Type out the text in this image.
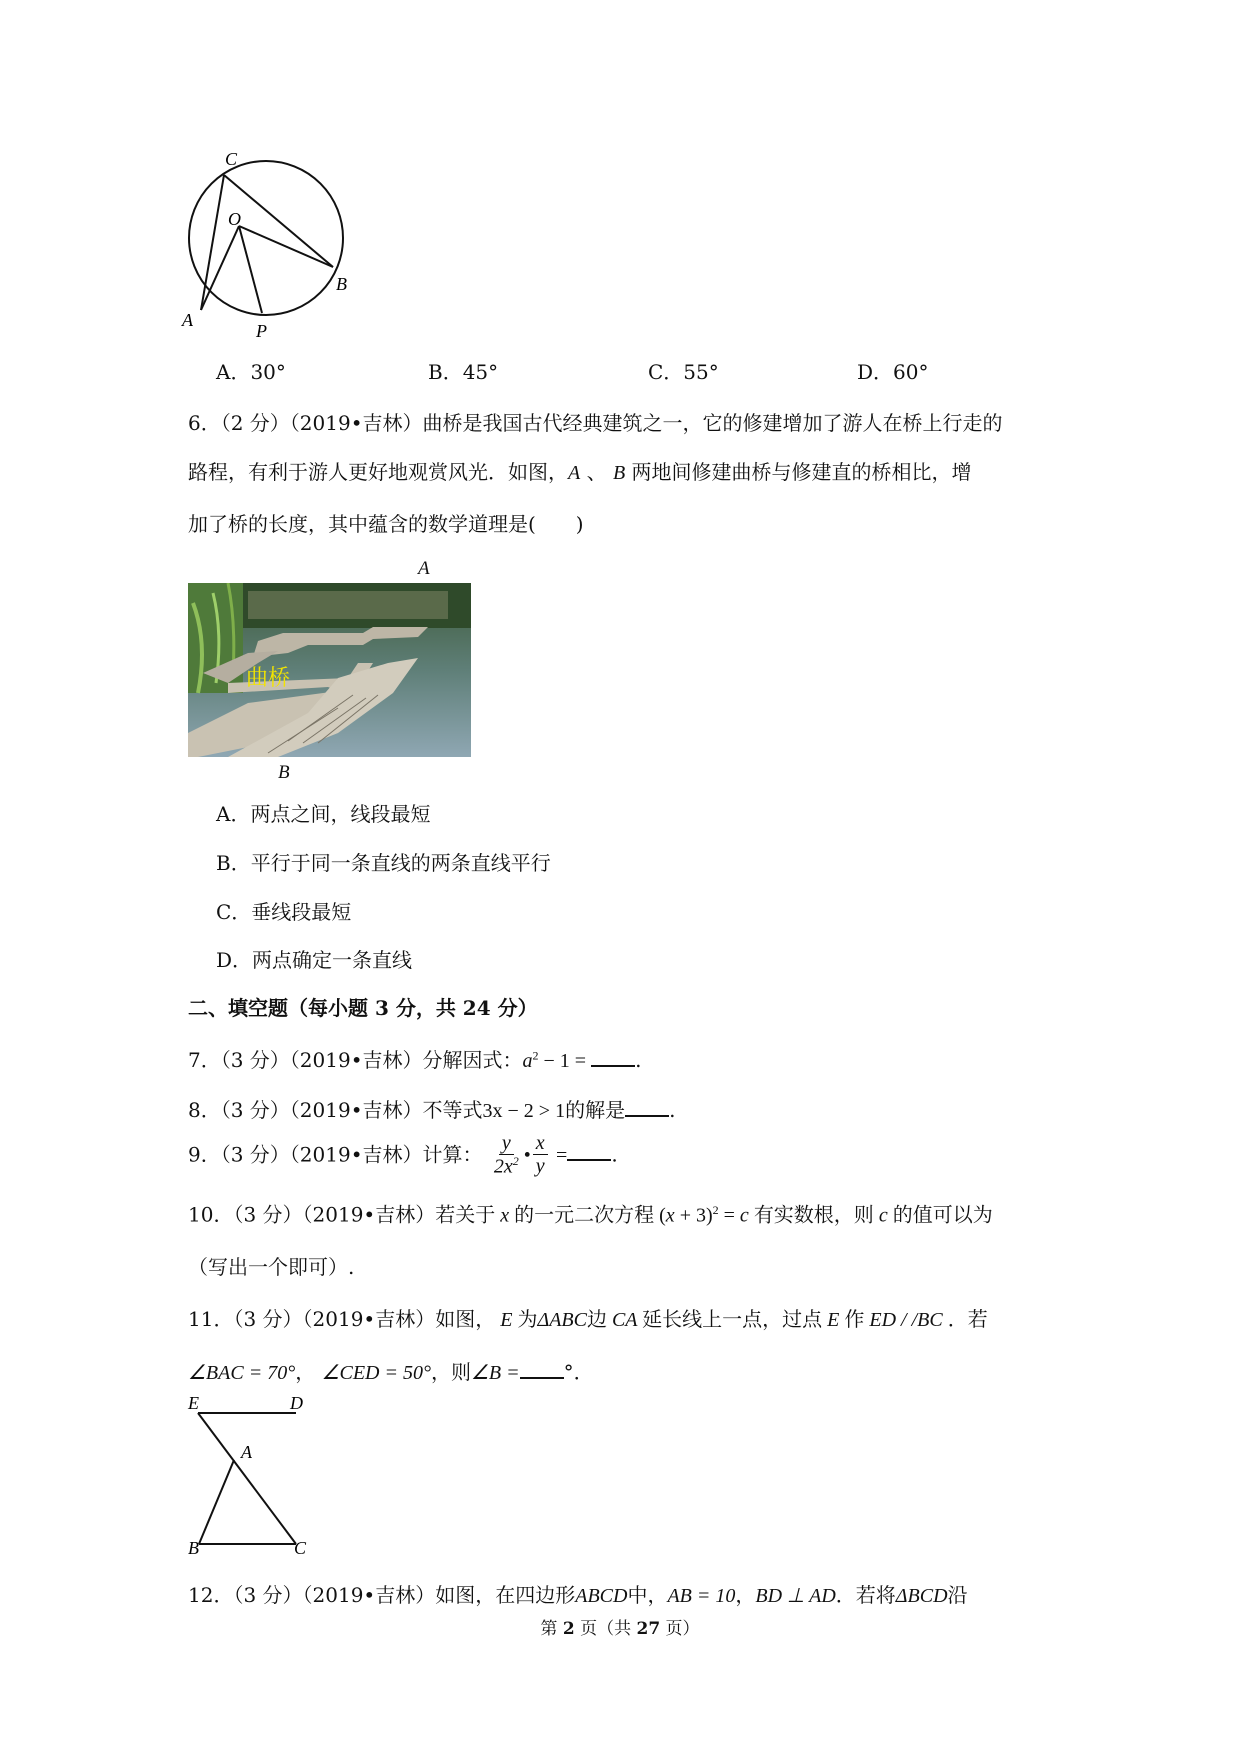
C
O
B
A
P
A．30°	B．45°	C．55°	D．60°
6．（2 分）（2019•吉林）曲桥是我国古代经典建筑之一，它的修建增加了游人在桥上行走的
路程，有利于游人更好地观赏风光．如图，A 、 B 两地间修建曲桥与修建直的桥相比，增
加了桥的长度，其中蕴含的数学道理是(　　)
A
曲桥
B
A．两点之间，线段最短
B．平行于同一条直线的两条直线平行
C．垂线段最短
D．两点确定一条直线
二、填空题（每小题 3 分，共 24 分）
7．（3 分）（2019•吉林）分解因式：$a^2 - 1$ = .
8．（3 分）（2019•吉林）不等式3x − 2 > 1的解是 .
9．（3 分）（2019•吉林）计算： $\frac{y}{2x^2}$ • $\frac{x}{y}$ = .
10．（3 分）（2019•吉林）若关于 x 的一元二次方程 $(x + 3)^2 = c$ 有实数根，则 c 的值可以为
（写出一个即可）.
11．（3 分）（2019•吉林）如图， E 为ΔABC边 CA 延长线上一点，过点 E 作 ED / /BC ．若
∠BAC = 70°， ∠CED = 50°，则∠B = °．
E	D
A
B	C
12．（3 分）（2019•吉林）如图，在四边形ABCD中，AB = 10，BD ⊥ AD．若将ΔBCD沿
第 2 页（共 27 页）
